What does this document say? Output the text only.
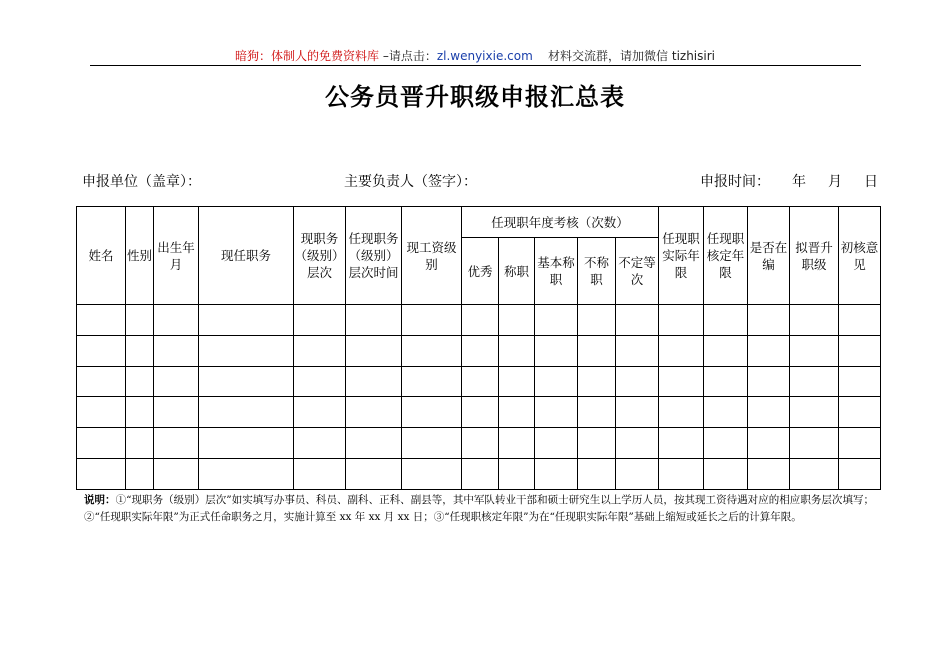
暗狗：体制人的免费资料库 –请点击：zl.wenyixie.com 材料交流群，请加微信 tizhisiri
公务员晋升职级申报汇总表
申报单位（盖章）：	主要负责人（签字）：	申报时间： 年 月 日
姓名	性别	出生年月	现任职务	现职务（级别）层次	任现职务（级别）层次时间	现工资级别	任现职年度考核（次数）					任现职实际年限	任现职核定年限	是否在编	拟晋升职级	初核意见
							优秀	称职	基本称职	不称职	不定等次					

说明：①“现职务（级别）层次”如实填写办事员、科员、副科、正科、副县等，其中军队转业干部和硕士研究生以上学历人员，按其现工资待遇对应的相应职务层次填写；②“任现职实际年限”为正式任命职务之月，实施计算至 xx 年 xx 月 xx 日；③“任现职核定年限”为在“任现职实际年限”基础上缩短或延长之后的计算年限。
